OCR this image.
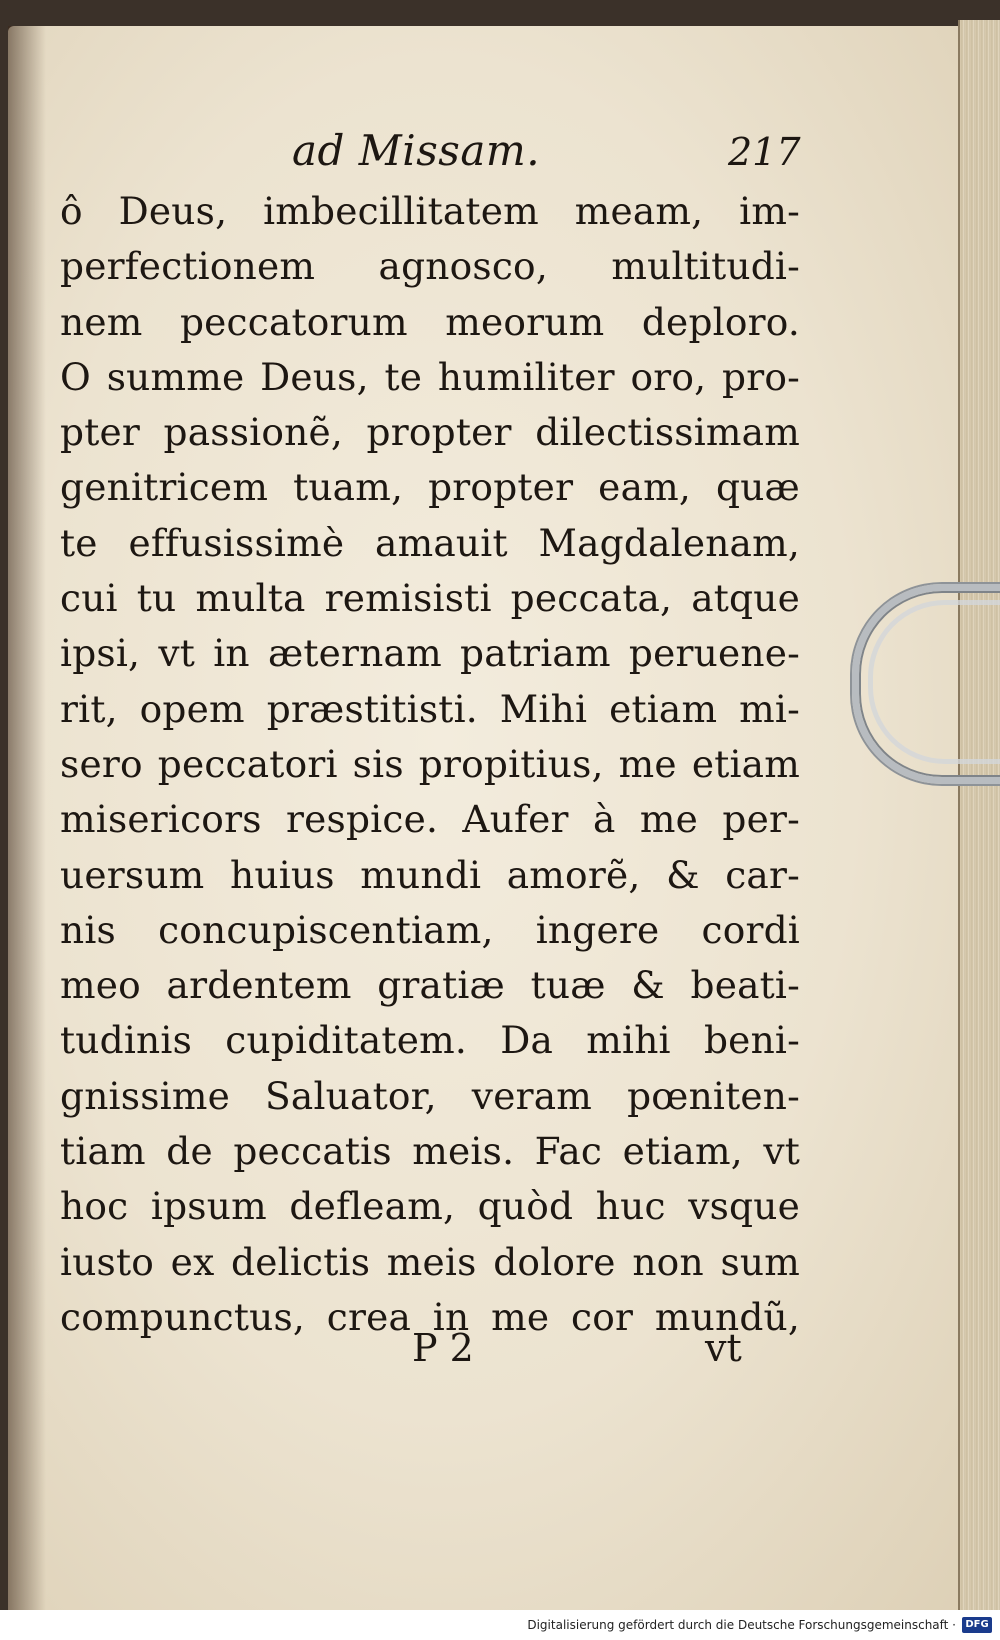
ad Missam.	217
ô Deus, imbecillitatem meam, im-
perfectionem agnosco, multitudi-
nem peccatorum meorum deploro.
O summe Deus, te humiliter oro, pro-
pter passionẽ, propter dilectissimam
genitricem tuam, propter eam, quæ
te effusissimè amauit Magdalenam,
cui tu multa remisisti peccata, atque
ipsi, vt in æternam patriam peruene-
rit, opem præstitisti. Mihi etiam mi-
sero peccatori sis propitius, me etiam
misericors respice. Aufer à me per-
uersum huius mundi amorẽ, & car-
nis concupiscentiam, ingere cordi
meo ardentem gratiæ tuæ & beati-
tudinis cupiditatem. Da mihi beni-
gnissime Saluator, veram pœniten-
tiam de peccatis meis. Fac etiam, vt
hoc ipsum defleam, quòd huc vsque
iusto ex delictis meis dolore non sum
compunctus, crea in me cor mundũ,
P 2	vt
Digitalisierung gefördert durch die Deutsche Forschungsgemeinschaft · DFG
